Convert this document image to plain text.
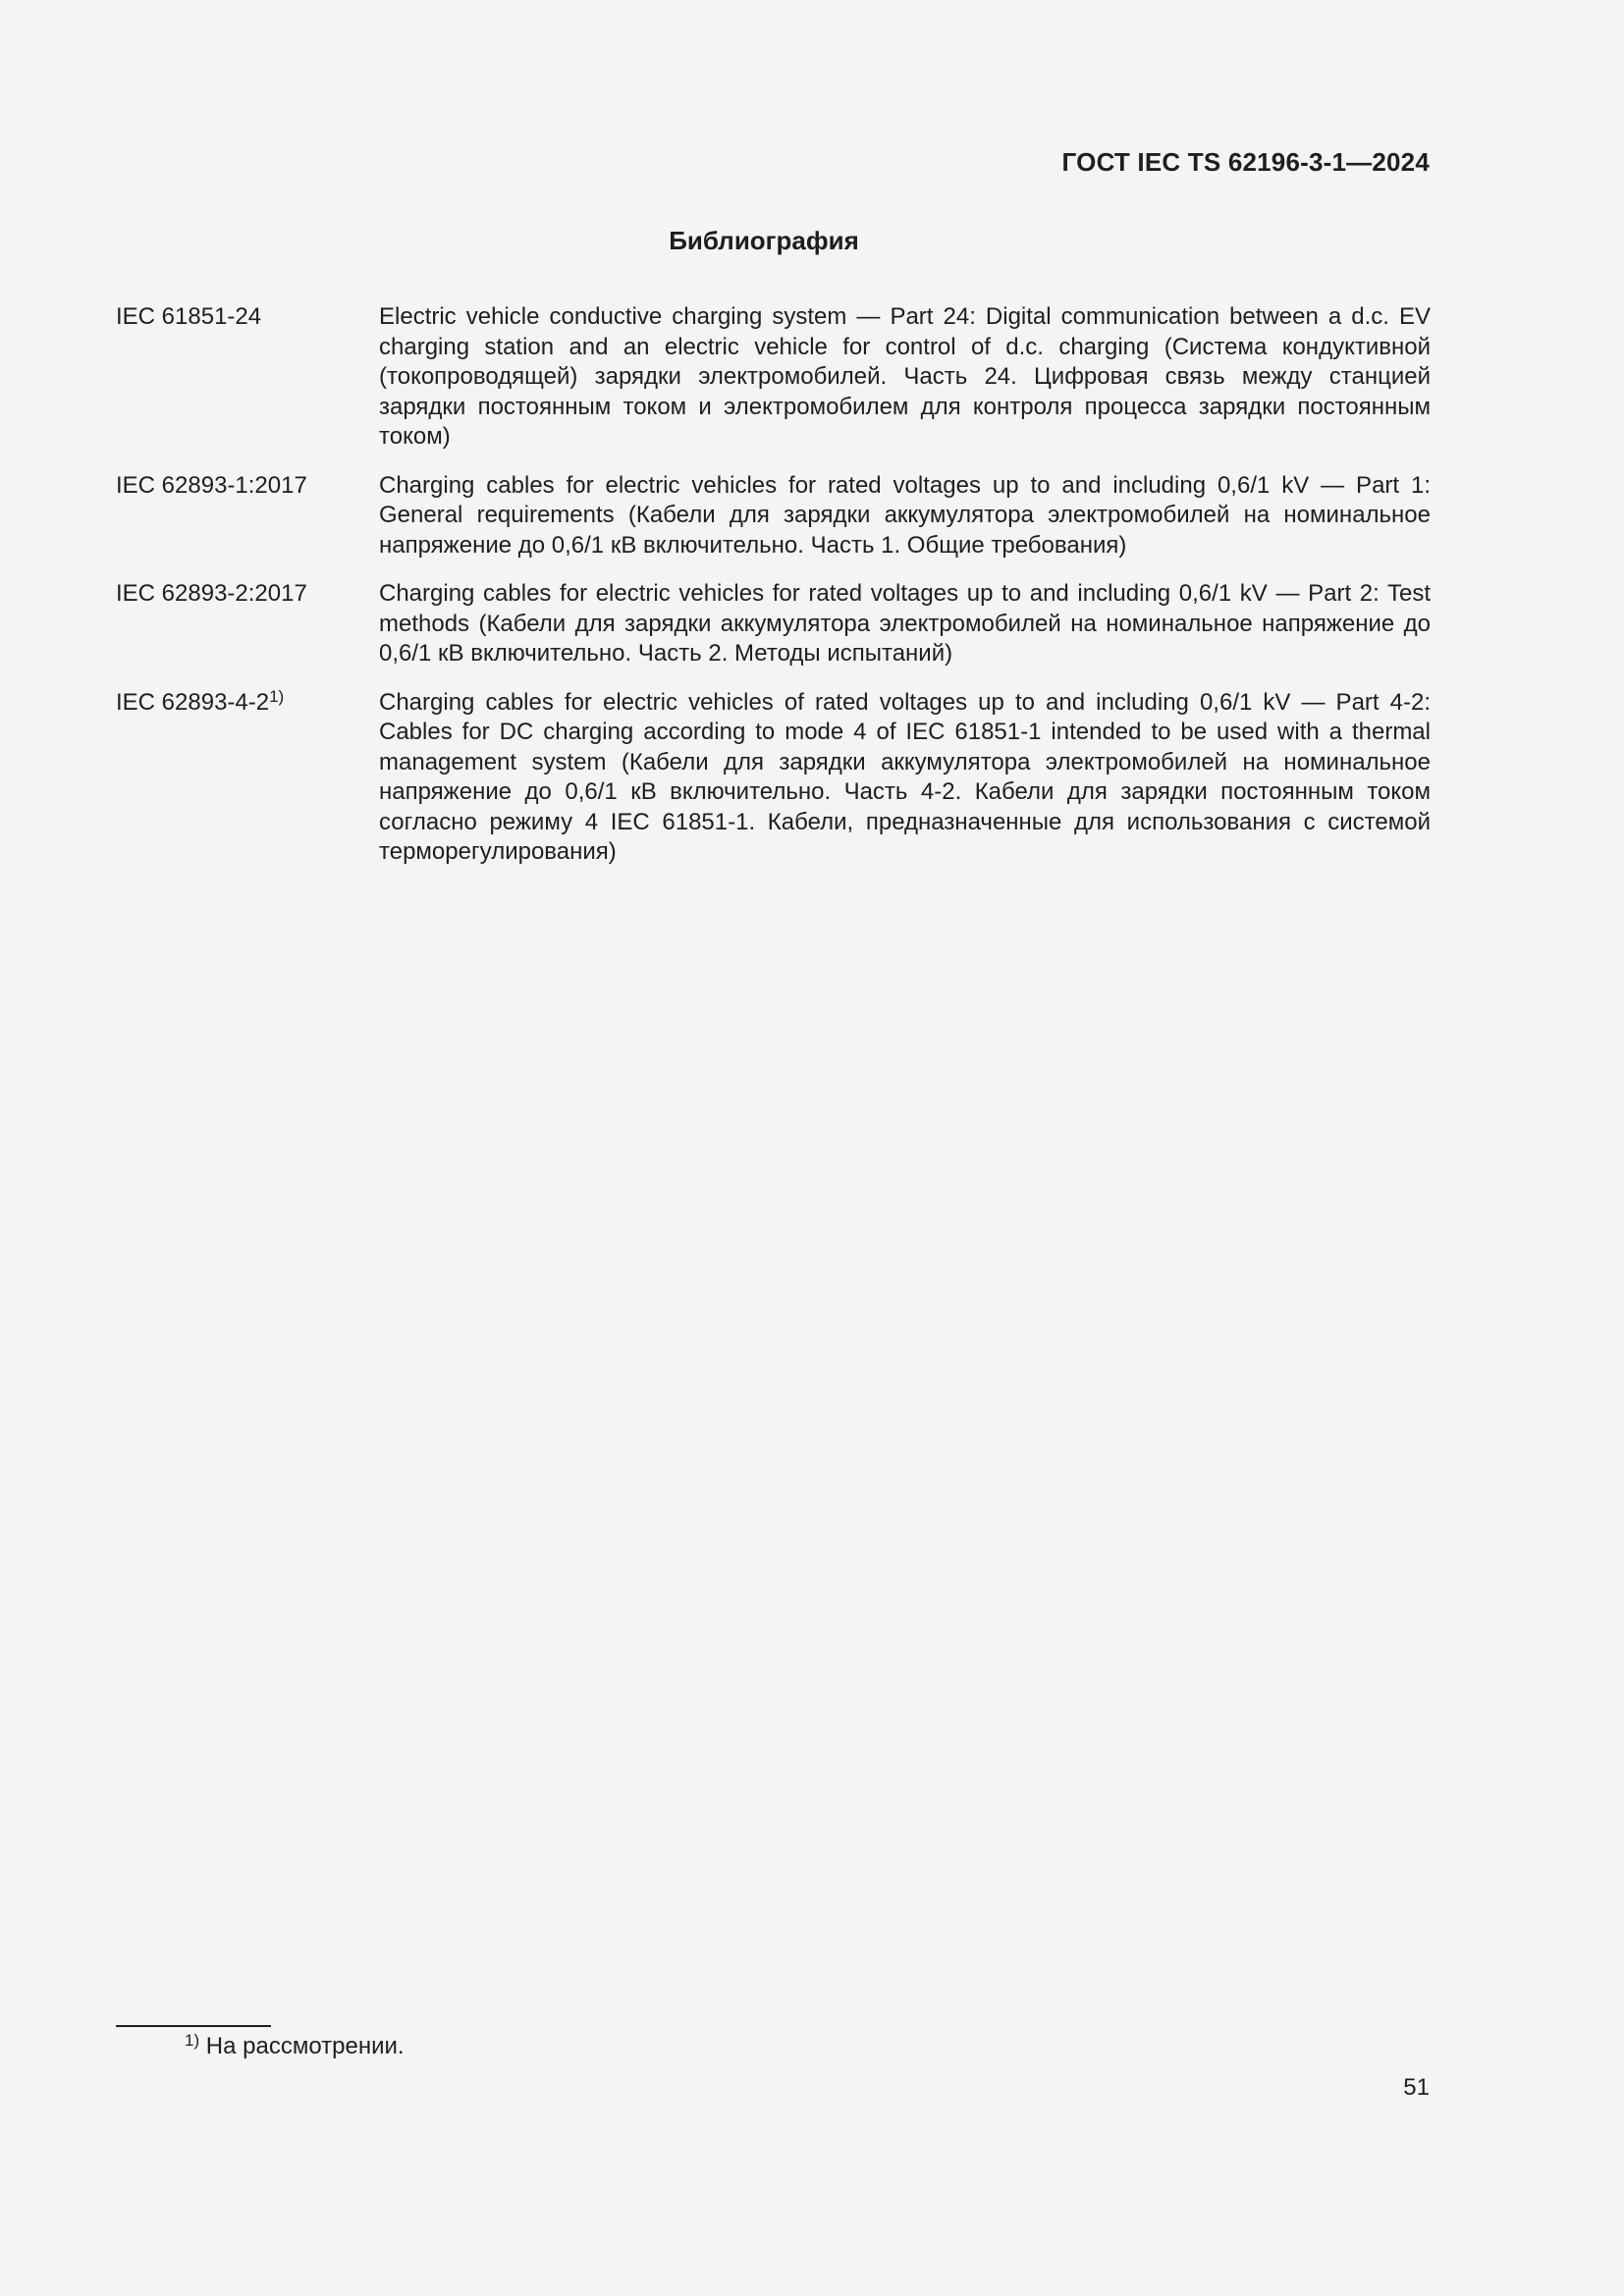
ГОСТ IEC TS 62196-3-1—2024
Библиография
IEC 61851-24	Electric vehicle conductive charging system — Part 24: Digital communication between a d.c. EV charging station and an electric vehicle for control of d.c. charging (Система кондуктивной (токопроводящей) зарядки электромобилей. Часть 24. Цифровая связь между станцией зарядки постоянным током и электромобилем для контроля процесса зарядки постоянным током)
IEC 62893-1:2017	Charging cables for electric vehicles for rated voltages up to and including 0,6/1 kV — Part 1: General requirements (Кабели для зарядки аккумулятора электромобилей на номинальное напряжение до 0,6/1 кВ включительно. Часть 1. Общие требования)
IEC 62893-2:2017	Charging cables for electric vehicles for rated voltages up to and including 0,6/1 kV — Part 2: Test methods (Кабели для зарядки аккумулятора электромобилей на номинальное напряжение до 0,6/1 кВ включительно. Часть 2. Методы испытаний)
IEC 62893-4-2$^{1)}$	Charging cables for electric vehicles of rated voltages up to and including 0,6/1 kV — Part 4-2: Cables for DC charging according to mode 4 of IEC 61851-1 intended to be used with a thermal management system (Кабели для зарядки аккумулятора электромобилей на номинальное напряжение до 0,6/1 кВ включительно. Часть 4-2. Кабели для зарядки постоянным током согласно режиму 4 IEC 61851-1. Кабели, предназначенные для использования с системой терморегулирования)
$^{1)}$ На рассмотрении.
51
